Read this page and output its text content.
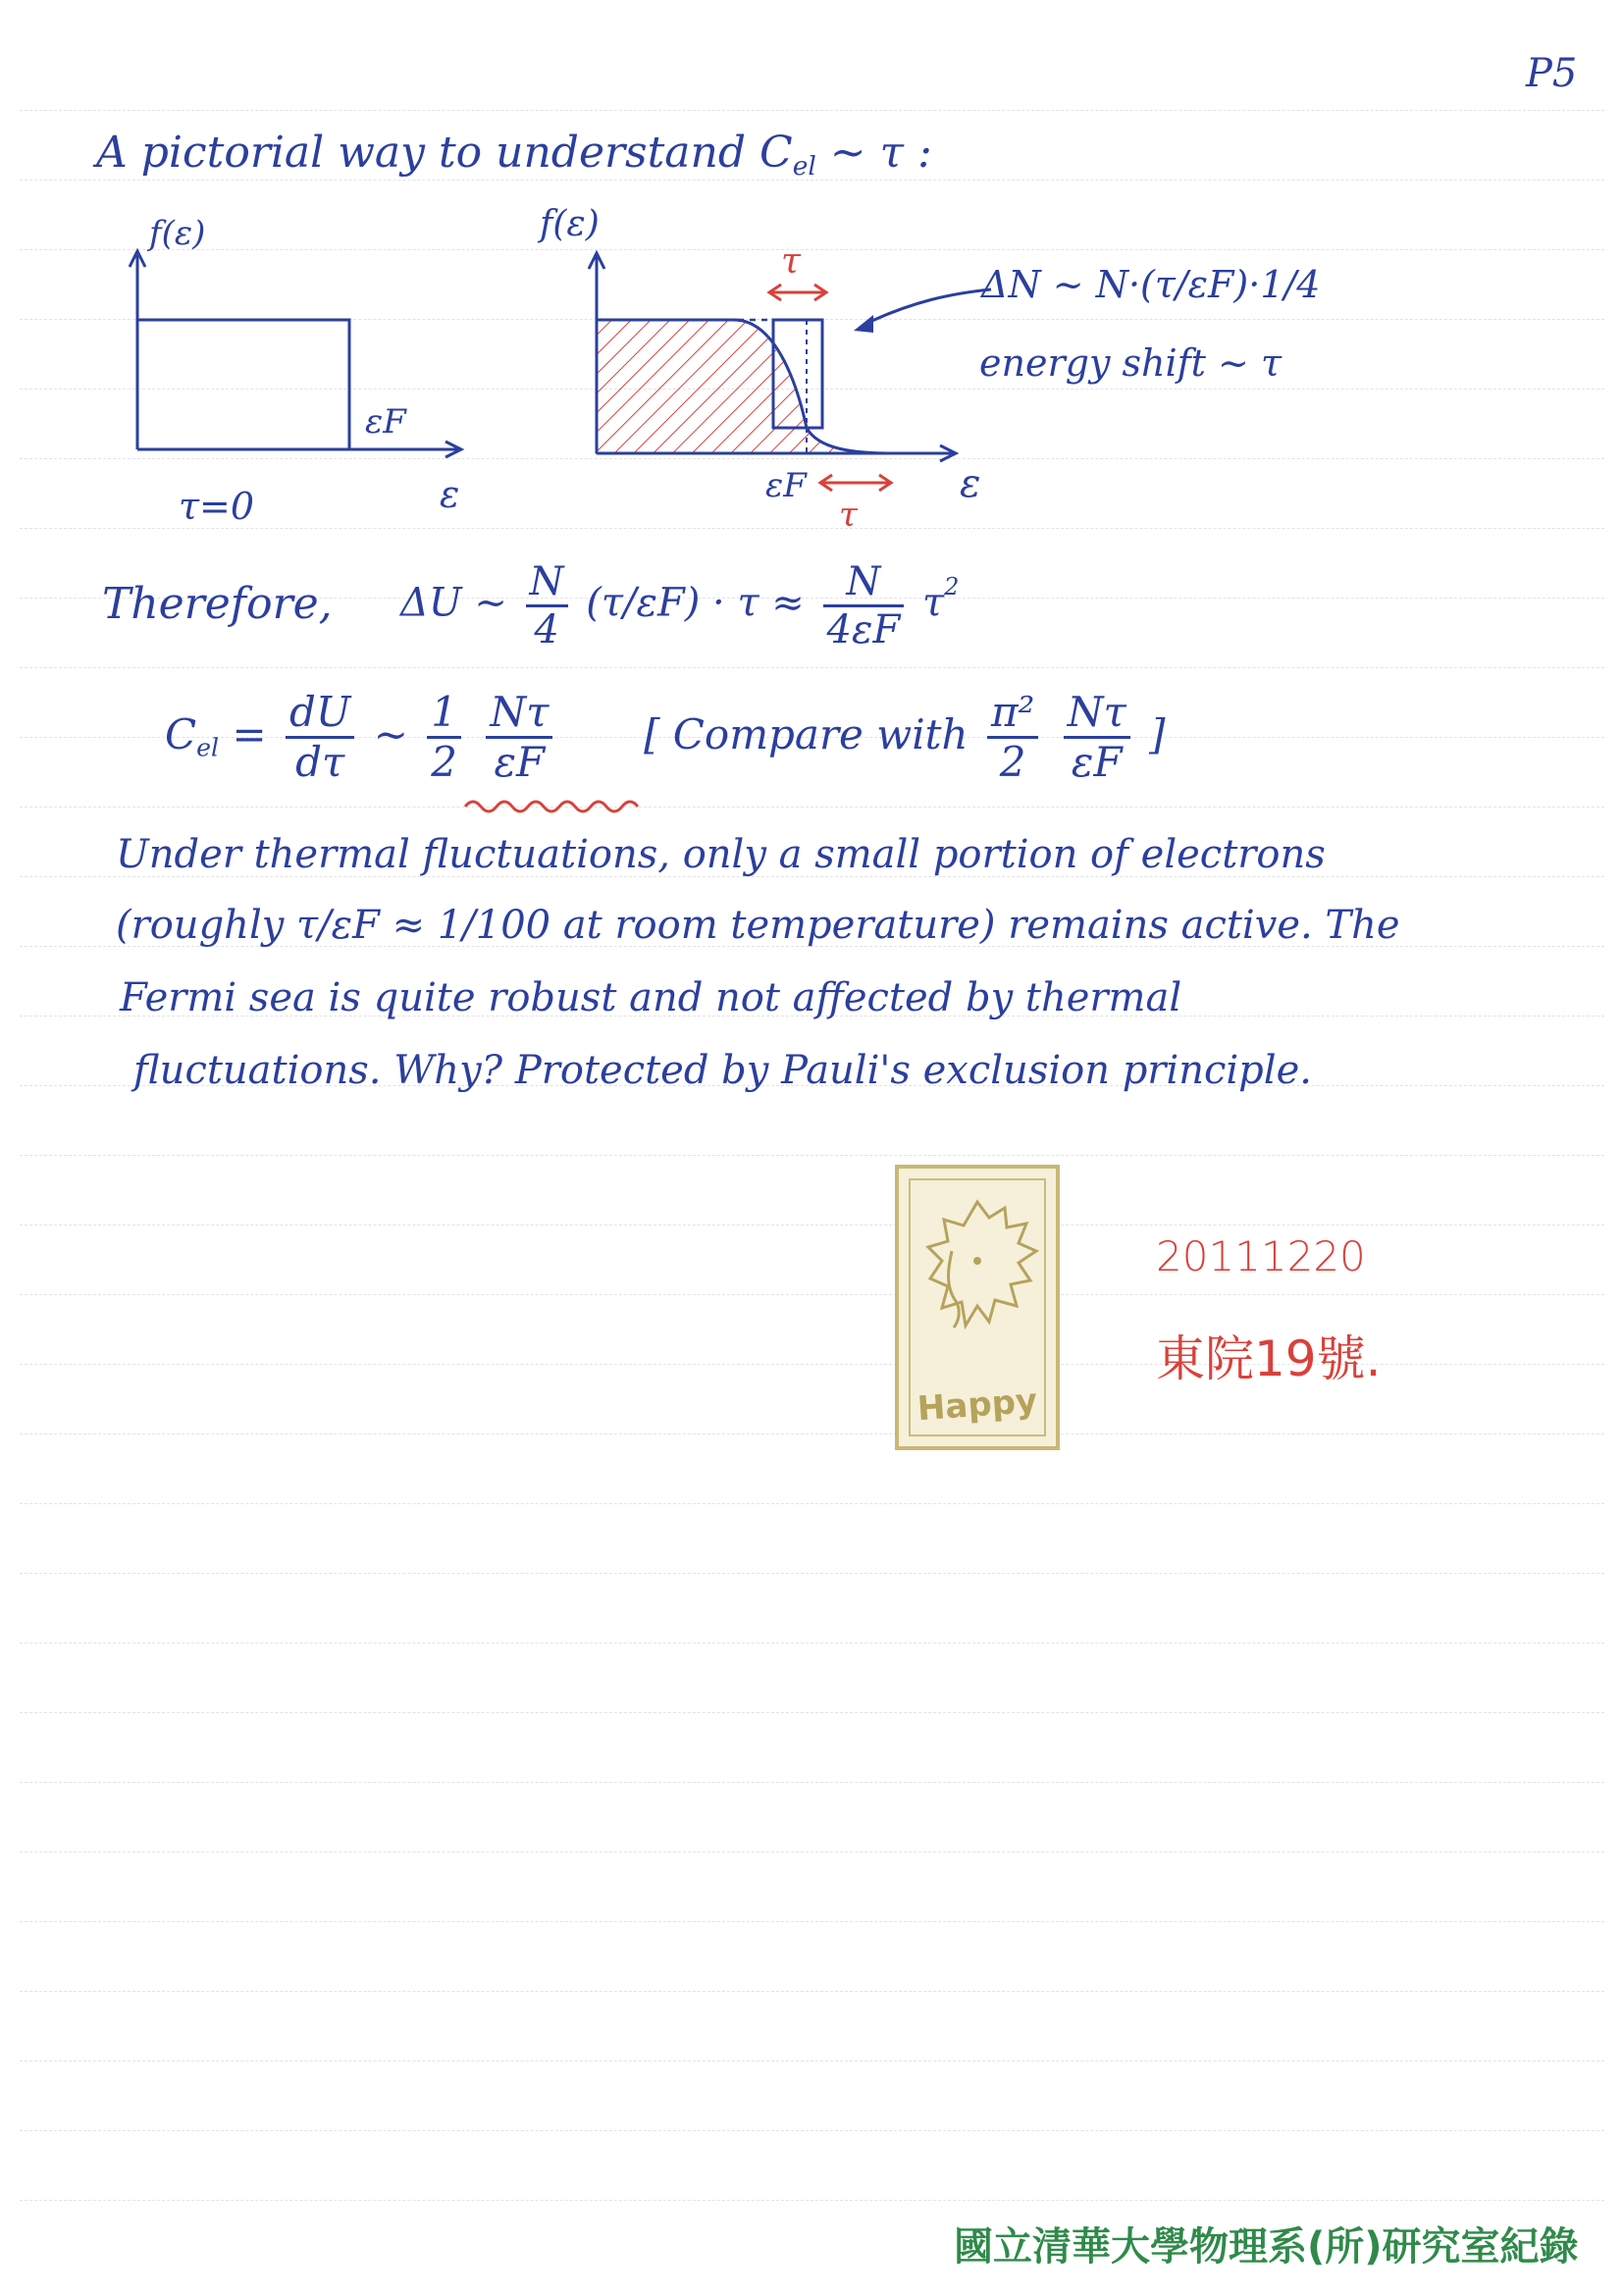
P5
A pictorial way to understand $C_{el}$ ~ τ :
f(ε)
εF
ε
τ=0
f(ε)
τ
εF
τ
ε
ΔN ~ N·(τ/εF)·1/4
energy shift ~ τ
Therefore, ΔU ~ $\frac{N}{4} (\tau/\varepsilon F) \cdot \tau \approx \frac{N}{4\varepsilon F} \tau^2$
$C_{el} = \frac{dU}{d\tau}$ ~ $\frac{1}{2}$
$\frac{N\tau}{\varepsilon F}$ [ Compare with $\frac{\text{π²}}{2}$
$\frac{N\tau}{\varepsilon F}$ ]
Under thermal fluctuations, only a small portion of electrons
(roughly τ/εF ≈ 1/100 at room temperature) remains active. The
Fermi sea is quite robust and not affected by thermal
fluctuations. Why? Protected by Pauli's exclusion principle.
Happy
20111220
東院19號.
國立清華大學物理系(所)研究室紀錄
